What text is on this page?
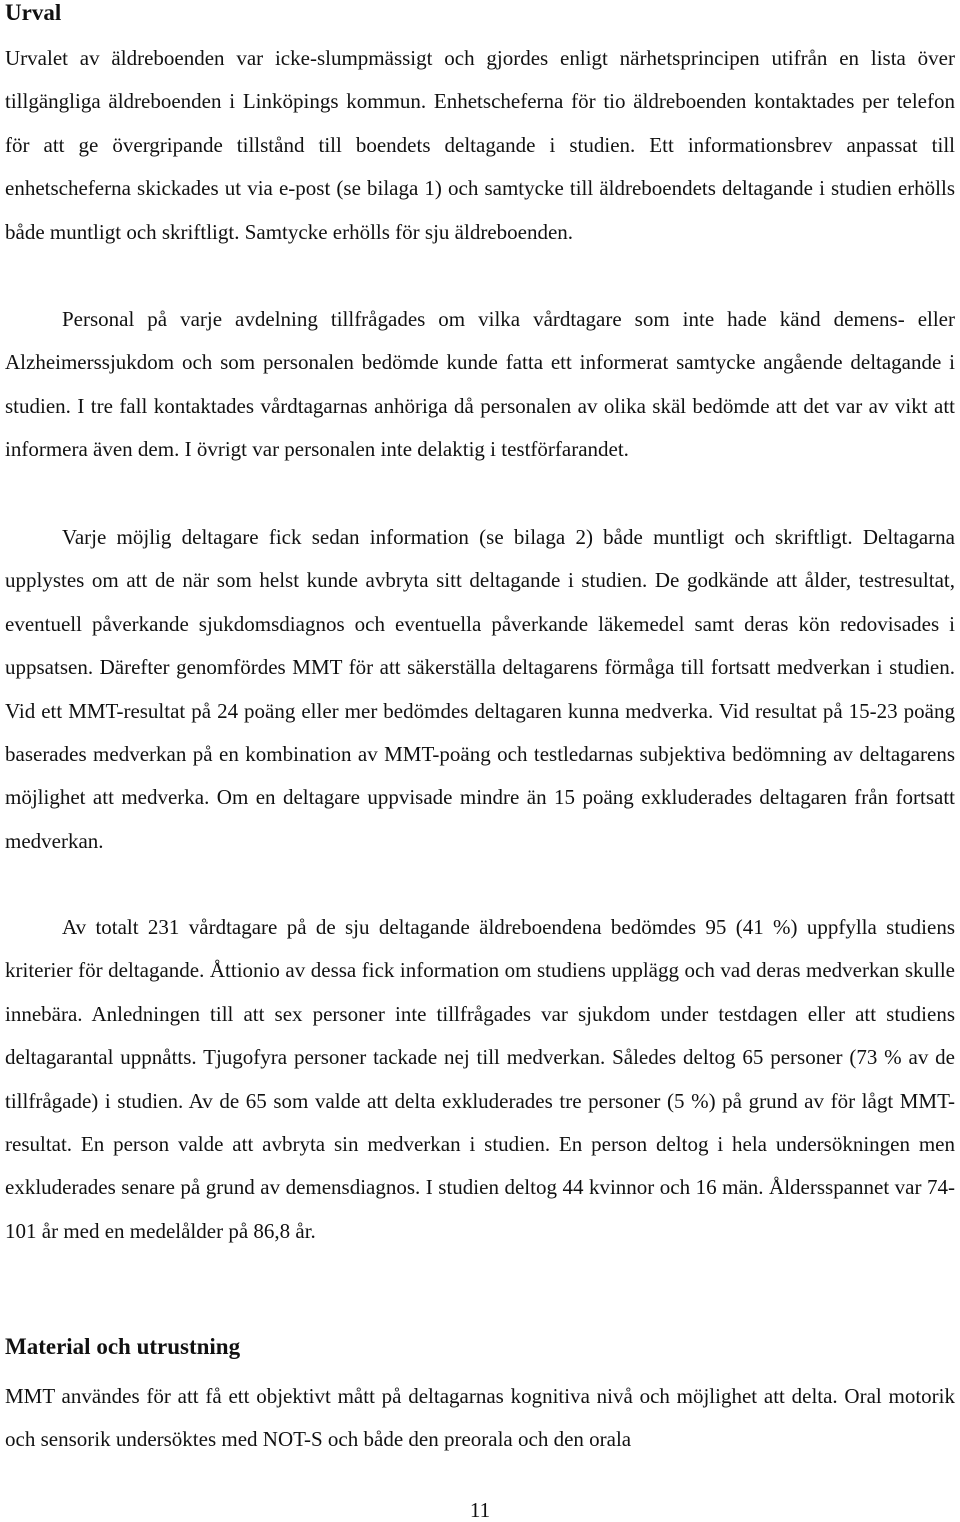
Urval

Urvalet av äldreboenden var icke-slumpmässigt och gjordes enligt närhetsprincipen utifrån en lista över tillgängliga äldreboenden i Linköpings kommun. Enhetscheferna för tio äldreboenden kontaktades per telefon för att ge övergripande tillstånd till boendets deltagande i studien. Ett informationsbrev anpassat till enhetscheferna skickades ut via e-post (se bilaga 1) och samtycke till äldreboendets deltagande i studien erhölls både muntligt och skriftligt. Samtycke erhölls för sju äldreboenden.

Personal på varje avdelning tillfrågades om vilka vårdtagare som inte hade känd demens- eller Alzheimerssjukdom och som personalen bedömde kunde fatta ett informerat samtycke angående deltagande i studien. I tre fall kontaktades vårdtagarnas anhöriga då personalen av olika skäl bedömde att det var av vikt att informera även dem. I övrigt var personalen inte delaktig i testförfarandet.

Varje möjlig deltagare fick sedan information (se bilaga 2) både muntligt och skriftligt. Deltagarna upplystes om att de när som helst kunde avbryta sitt deltagande i studien. De godkände att ålder, testresultat, eventuell påverkande sjukdomsdiagnos och eventuella påverkande läkemedel samt deras kön redovisades i uppsatsen. Därefter genomfördes MMT för att säkerställa deltagarens förmåga till fortsatt medverkan i studien. Vid ett MMT-resultat på 24 poäng eller mer bedömdes deltagaren kunna medverka. Vid resultat på 15-23 poäng baserades medverkan på en kombination av MMT-poäng och testledarnas subjektiva bedömning av deltagarens möjlighet att medverka. Om en deltagare uppvisade mindre än 15 poäng exkluderades deltagaren från fortsatt medverkan.

Av totalt 231 vårdtagare på de sju deltagande äldreboendena bedömdes 95 (41 %) uppfylla studiens kriterier för deltagande. Åttionio av dessa fick information om studiens upplägg och vad deras medverkan skulle innebära. Anledningen till att sex personer inte tillfrågades var sjukdom under testdagen eller att studiens deltagarantal uppnåtts. Tjugofyra personer tackade nej till medverkan. Således deltog 65 personer (73 % av de tillfrågade) i studien. Av de 65 som valde att delta exkluderades tre personer (5 %) på grund av för lågt MMT-resultat. En person valde att avbryta sin medverkan i studien. En person deltog i hela undersökningen men exkluderades senare på grund av demensdiagnos. I studien deltog 44 kvinnor och 16 män. Åldersspannet var 74-101 år med en medelålder på 86,8 år.

Material och utrustning

MMT användes för att få ett objektivt mått på deltagarnas kognitiva nivå och möjlighet att delta. Oral motorik och sensorik undersöktes med NOT-S och både den preorala och den orala

11
